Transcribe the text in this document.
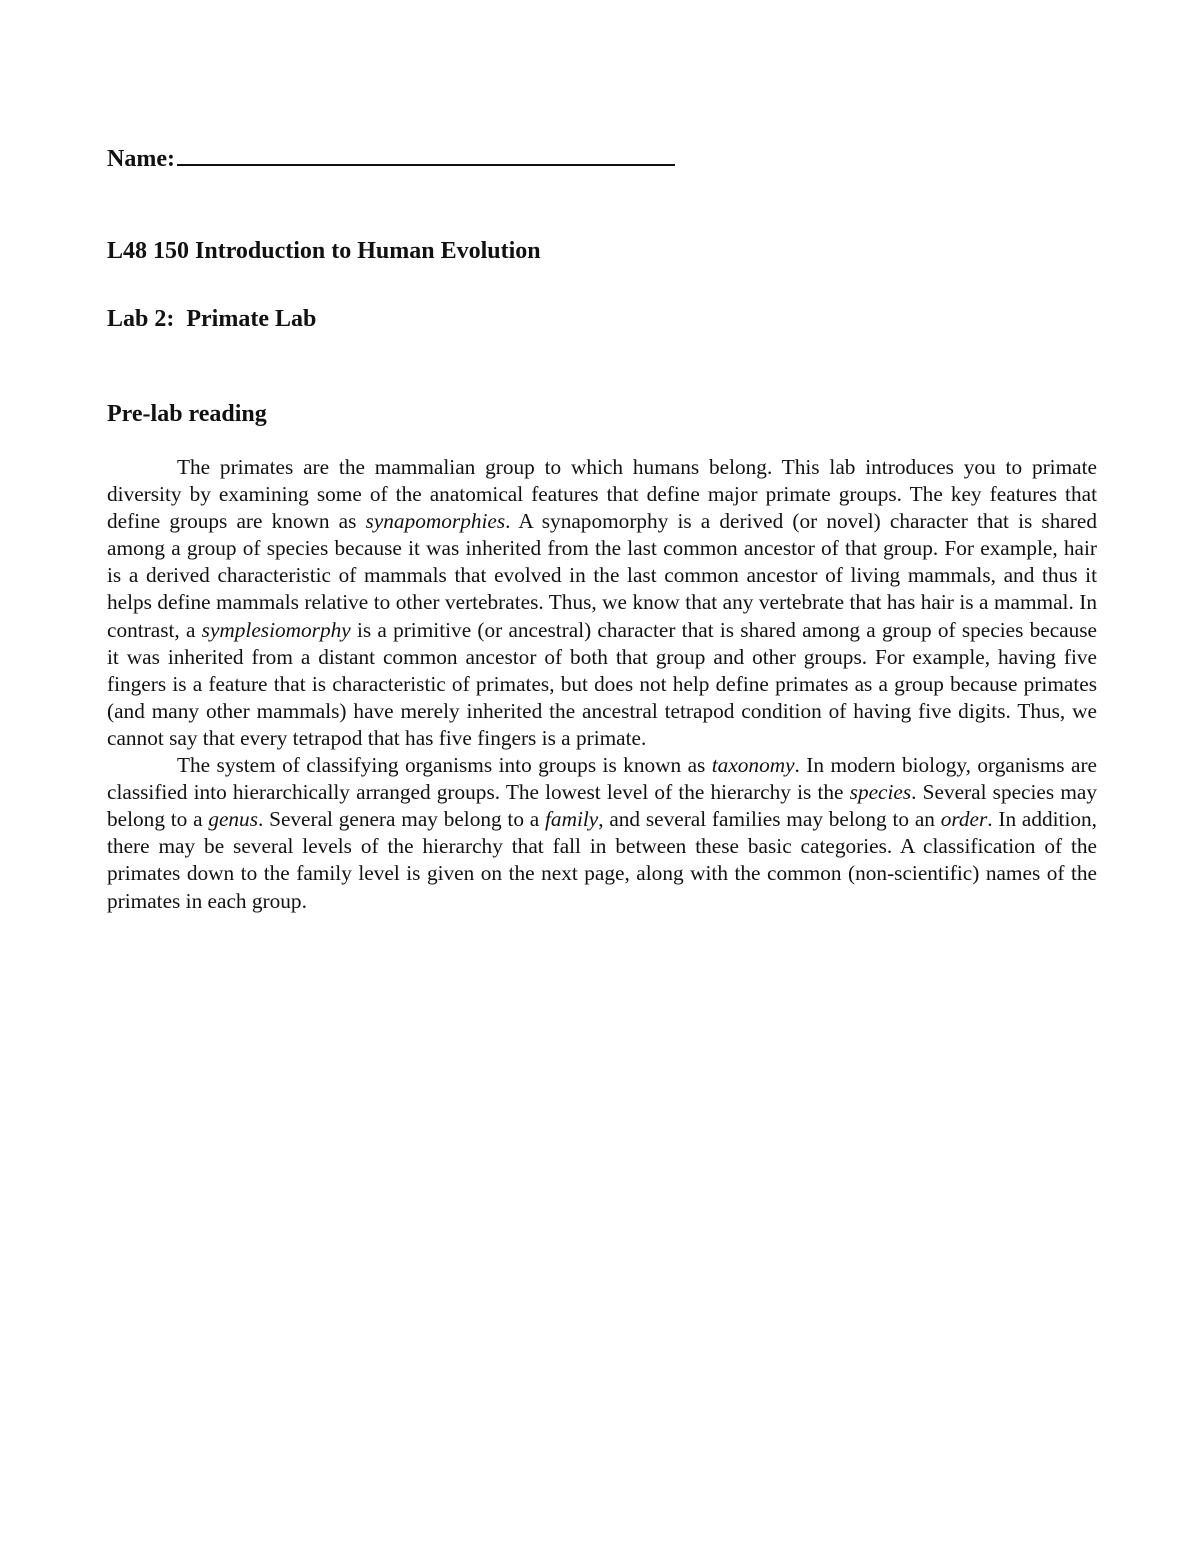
Name:
L48 150 Introduction to Human Evolution
Lab 2:  Primate Lab
Pre-lab reading

The primates are the mammalian group to which humans belong. This lab introduces you to primate diversity by examining some of the anatomical features that define major primate groups. The key features that define groups are known as synapomorphies. A synapomorphy is a derived (or novel) character that is shared among a group of species because it was inherited from the last common ancestor of that group. For example, hair is a derived characteristic of mammals that evolved in the last common ancestor of living mammals, and thus it helps define mammals relative to other vertebrates. Thus, we know that any vertebrate that has hair is a mammal. In contrast, a symplesiomorphy is a primitive (or ancestral) character that is shared among a group of species because it was inherited from a distant common ancestor of both that group and other groups. For example, having five fingers is a feature that is characteristic of primates, but does not help define primates as a group because primates (and many other mammals) have merely inherited the ancestral tetrapod condition of having five digits. Thus, we cannot say that every tetrapod that has five fingers is a primate.

The system of classifying organisms into groups is known as taxonomy. In modern biology, organisms are classified into hierarchically arranged groups. The lowest level of the hierarchy is the species. Several species may belong to a genus. Several genera may belong to a family, and several families may belong to an order. In addition, there may be several levels of the hierarchy that fall in between these basic categories. A classification of the primates down to the family level is given on the next page, along with the common (non-scientific) names of the primates in each group.
